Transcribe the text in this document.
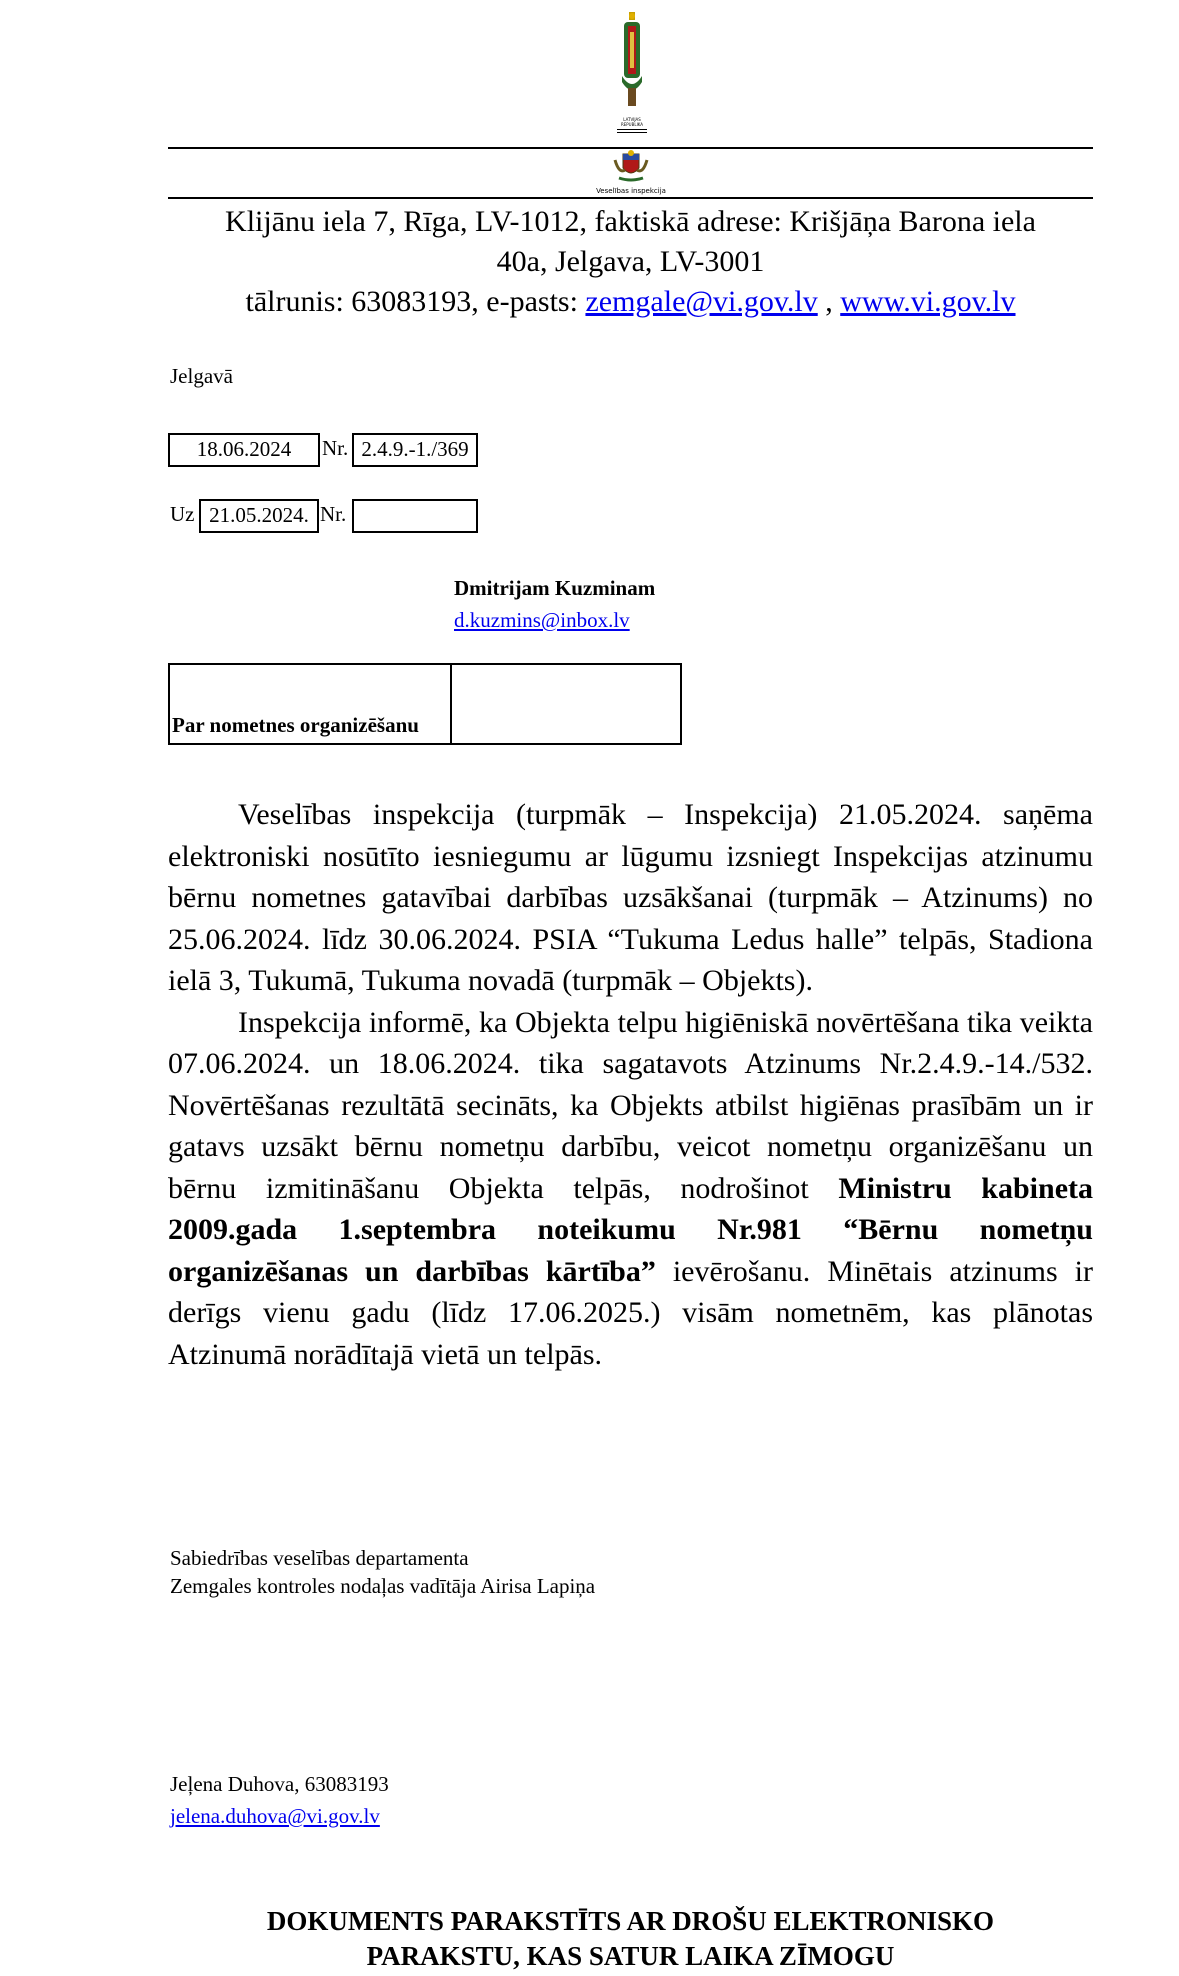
LATVIJAS REPUBLIKA
Veselības inspekcija
Klijānu iela 7, Rīga, LV-1012, faktiskā adrese: Krišjāņa Barona iela
40a, Jelgava, LV-3001
tālrunis: 63083193, e-pasts: zemgale@vi.gov.lv , www.vi.gov.lv
Jelgavā
18.06.2024	Nr. 2.4.9.-1./369
Uz 21.05.2024. Nr.
Dmitrijam Kuzminam
d.kuzmins@inbox.lv
Par nometnes organizēšanu

Veselības inspekcija (turpmāk – Inspekcija) 21.05.2024. saņēma elektroniski nosūtīto iesniegumu ar lūgumu izsniegt Inspekcijas atzinumu bērnu nometnes gatavībai darbības uzsākšanai (turpmāk – Atzinums) no 25.06.2024. līdz 30.06.2024. PSIA “Tukuma Ledus halle” telpās, Stadiona ielā 3, Tukumā, Tukuma novadā (turpmāk – Objekts).

Inspekcija informē, ka Objekta telpu higiēniskā novērtēšana tika veikta 07.06.2024. un 18.06.2024. tika sagatavots Atzinums Nr.2.4.9.-14./532. Novērtēšanas rezultātā secināts, ka Objekts atbilst higiēnas prasībām un ir gatavs uzsākt bērnu nometņu darbību, veicot nometņu organizēšanu un bērnu izmitināšanu Objekta telpās, nodrošinot Ministru kabineta 2009.gada 1.septembra noteikumu Nr.981 “Bērnu nometņu organizēšanas un darbības kārtība” ievērošanu. Minētais atzinums ir derīgs vienu gadu (līdz 17.06.2025.) visām nometnēm, kas plānotas Atzinumā norādītajā vietā un telpās.

Sabiedrības veselības departamenta
Zemgales kontroles nodaļas vadītāja Airisa Lapiņa
Jeļena Duhova, 63083193
jelena.duhova@vi.gov.lv
DOKUMENTS PARAKSTĪTS AR DROŠU ELEKTRONISKO
PARAKSTU, KAS SATUR LAIKA ZĪMOGU
